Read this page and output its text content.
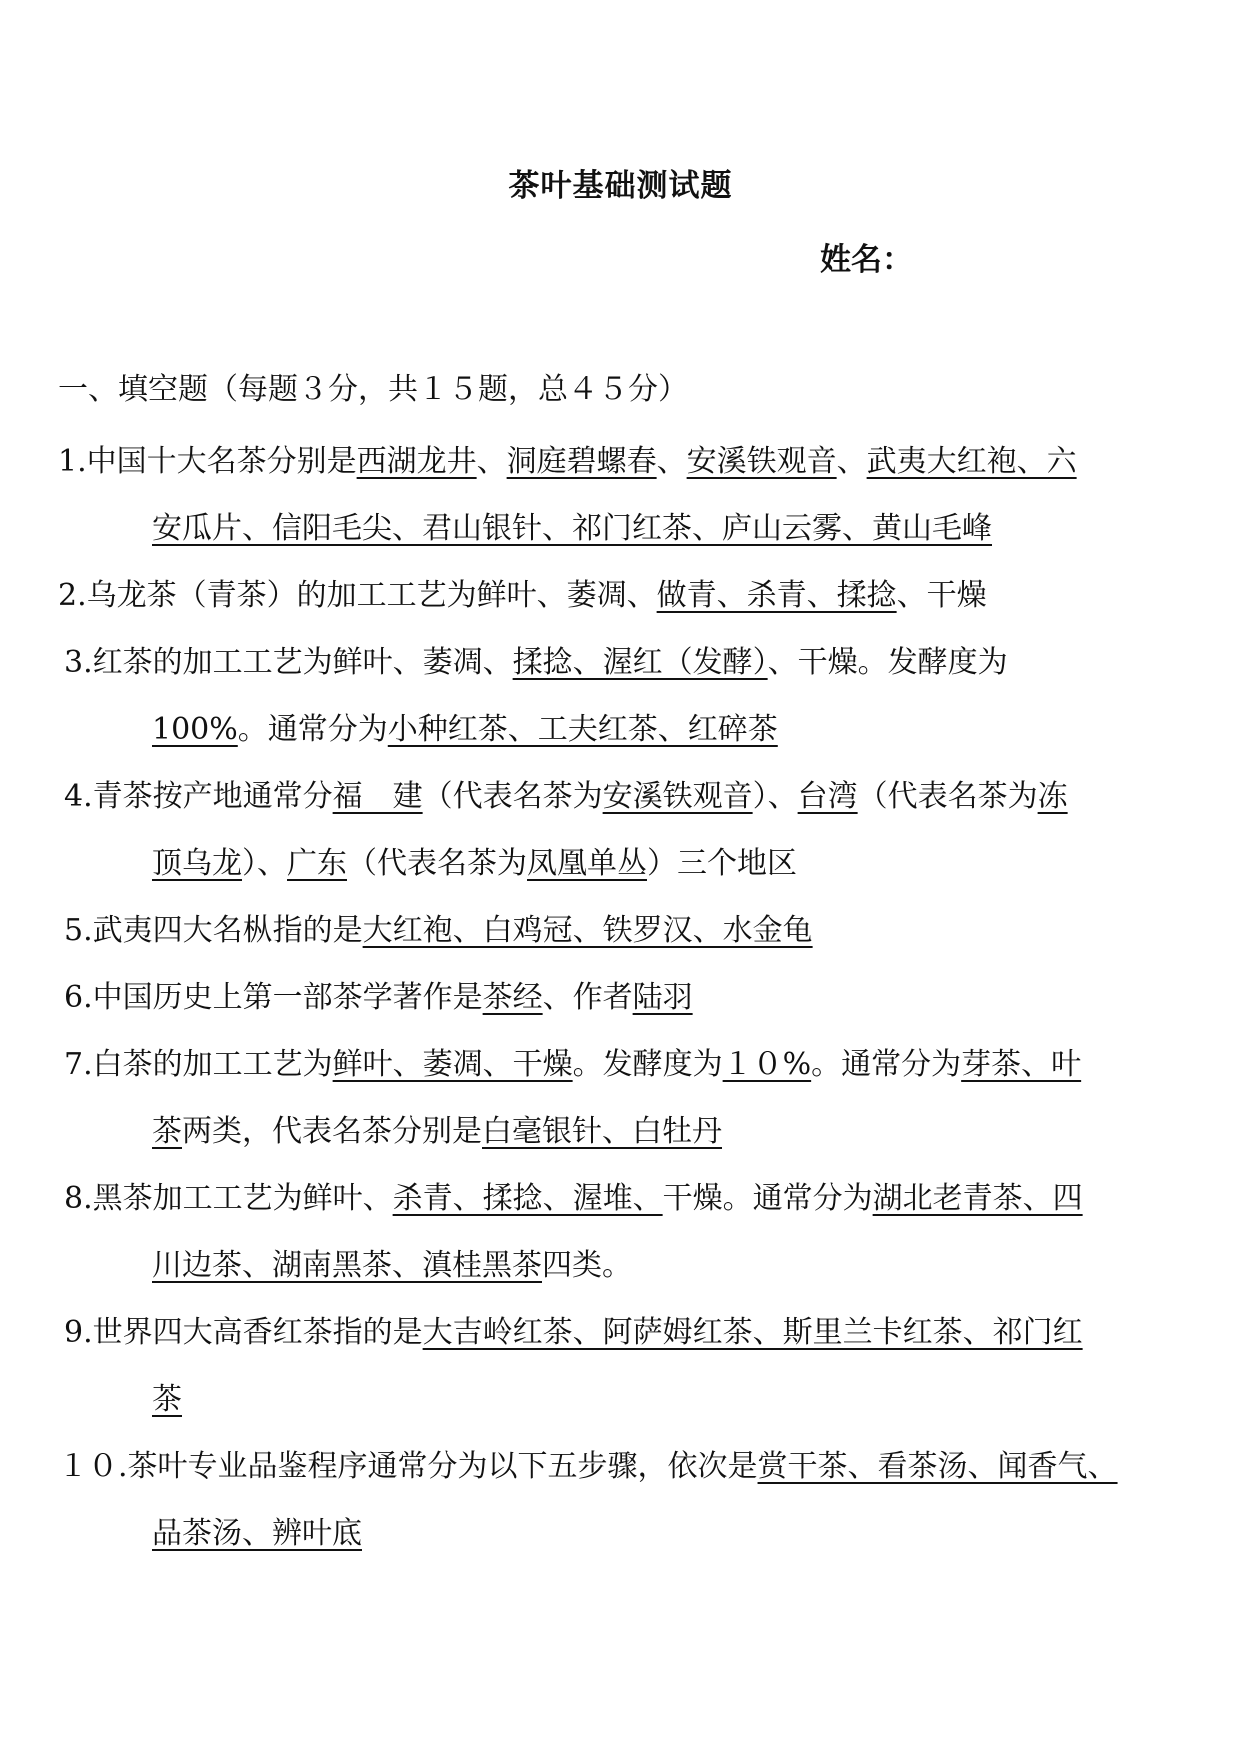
茶叶基础测试题
姓名：
一、填空题（每题３分，共１５题，总４５分）
1.中国十大名茶分别是西湖龙井、洞庭碧螺春、安溪铁观音、武夷大红袍、六
安瓜片、信阳毛尖、君山银针、祁门红茶、庐山云雾、黄山毛峰
2.乌龙茶（青茶）的加工工艺为鲜叶、萎凋、做青、杀青、揉捻、干燥
3.红茶的加工工艺为鲜叶、萎凋、揉捻、渥红（发酵）、干燥。发酵度为
100%。通常分为小种红茶、工夫红茶、红碎茶
4.青茶按产地通常分福　建（代表名茶为安溪铁观音）、台湾（代表名茶为冻
顶乌龙）、广东（代表名茶为凤凰单丛）三个地区
5.武夷四大名枞指的是大红袍、白鸡冠、铁罗汉、水金龟
6.中国历史上第一部茶学著作是茶经、作者陆羽
7.白茶的加工工艺为鲜叶、萎凋、干燥。发酵度为１０%。通常分为芽茶、叶
茶两类，代表名茶分别是白毫银针、白牡丹
8.黑茶加工工艺为鲜叶、杀青、揉捻、渥堆、干燥。通常分为湖北老青茶、四
川边茶、湖南黑茶、滇桂黑茶四类。
9.世界四大高香红茶指的是大吉岭红茶、阿萨姆红茶、斯里兰卡红茶、祁门红
茶
１０.茶叶专业品鉴程序通常分为以下五步骤，依次是赏干茶、看茶汤、闻香气、
品茶汤、辨叶底
